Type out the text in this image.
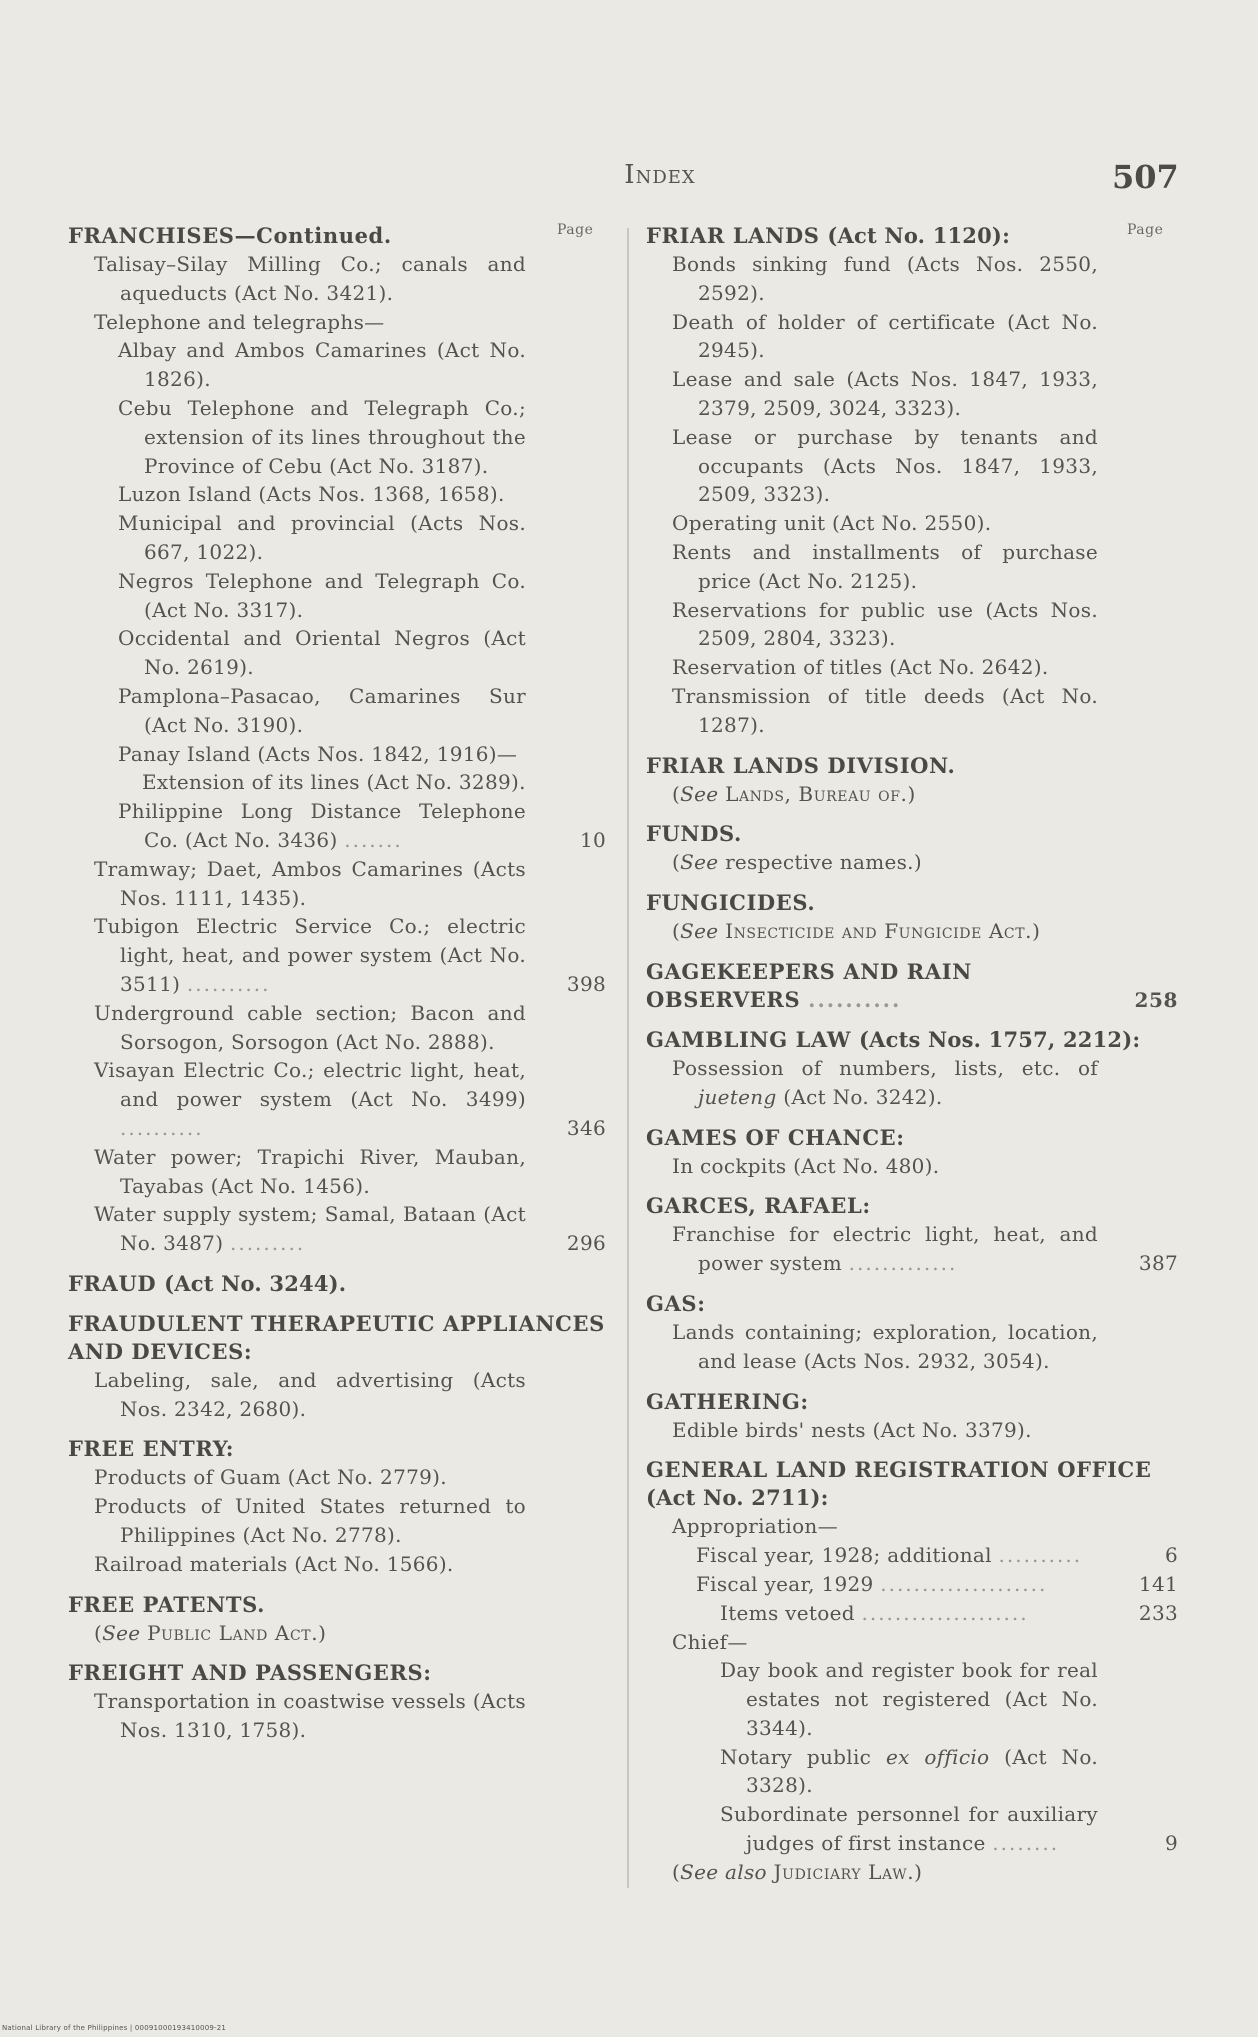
Index	507
Page
FRANCHISES—Continued.
Talisay–Silay Milling Co.; canals and aqueducts (Act No. 3421).
Telephone and telegraphs—
Albay and Ambos Camarines (Act No. 1826).
Cebu Telephone and Telegraph Co.; extension of its lines throughout the Province of Cebu (Act No. 3187).
Luzon Island (Acts Nos. 1368, 1658).
Municipal and provincial (Acts Nos. 667, 1022).
Negros Telephone and Telegraph Co. (Act No. 3317).
Occidental and Oriental Negros (Act No. 2619).
Pamplona–Pasacao, Camarines Sur (Act No. 3190).
Panay Island (Acts Nos. 1842, 1916)—
Extension of its lines (Act No. 3289).
Philippine Long Distance Telephone Co. (Act No. 3436) .......	10
Tramway; Daet, Ambos Camarines (Acts Nos. 1111, 1435).
Tubigon Electric Service Co.; electric light, heat, and power system (Act No. 3511) ..........	398
Underground cable section; Bacon and Sorsogon, Sorsogon (Act No. 2888).
Visayan Electric Co.; electric light, heat, and power system (Act No. 3499) ..........	346
Water power; Trapichi River, Mauban, Tayabas (Act No. 1456).
Water supply system; Samal, Bataan (Act No. 3487) .........	296
FRAUD (Act No. 3244).
FRAUDULENT THERAPEUTIC APPLIANCES AND DEVICES:
Labeling, sale, and advertising (Acts Nos. 2342, 2680).
FREE ENTRY:
Products of Guam (Act No. 2779).
Products of United States returned to Philippines (Act No. 2778).
Railroad materials (Act No. 1566).
FREE PATENTS.
(See Public Land Act.)
FREIGHT AND PASSENGERS:
Transportation in coastwise vessels (Acts Nos. 1310, 1758).
Page
FRIAR LANDS (Act No. 1120):
Bonds sinking fund (Acts Nos. 2550, 2592).
Death of holder of certificate (Act No. 2945).
Lease and sale (Acts Nos. 1847, 1933, 2379, 2509, 3024, 3323).
Lease or purchase by tenants and occupants (Acts Nos. 1847, 1933, 2509, 3323).
Operating unit (Act No. 2550).
Rents and installments of purchase price (Act No. 2125).
Reservations for public use (Acts Nos. 2509, 2804, 3323).
Reservation of titles (Act No. 2642).
Transmission of title deeds (Act No. 1287).
FRIAR LANDS DIVISION.
(See Lands, Bureau of.)
FUNDS.
(See respective names.)
FUNGICIDES.
(See Insecticide and Fungicide Act.)
GAGEKEEPERS AND RAIN OBSERVERS ..........	258
GAMBLING LAW (Acts Nos. 1757, 2212):
Possession of numbers, lists, etc. of jueteng (Act No. 3242).
GAMES OF CHANCE:
In cockpits (Act No. 480).
GARCES, RAFAEL:
Franchise for electric light, heat, and power system .............	387
GAS:
Lands containing; exploration, location, and lease (Acts Nos. 2932, 3054).
GATHERING:
Edible birds' nests (Act No. 3379).
GENERAL LAND REGISTRATION OFFICE (Act No. 2711):
Appropriation—
Fiscal year, 1928; additional ..........	6
Fiscal year, 1929 ....................	141
Items vetoed ....................	233
Chief—
Day book and register book for real estates not registered (Act No. 3344).
Notary public ex officio (Act No. 3328).
Subordinate personnel for auxiliary judges of first instance ........	9
(See also Judiciary Law.)
National Library of the Philippines | 00091000193410009-21
